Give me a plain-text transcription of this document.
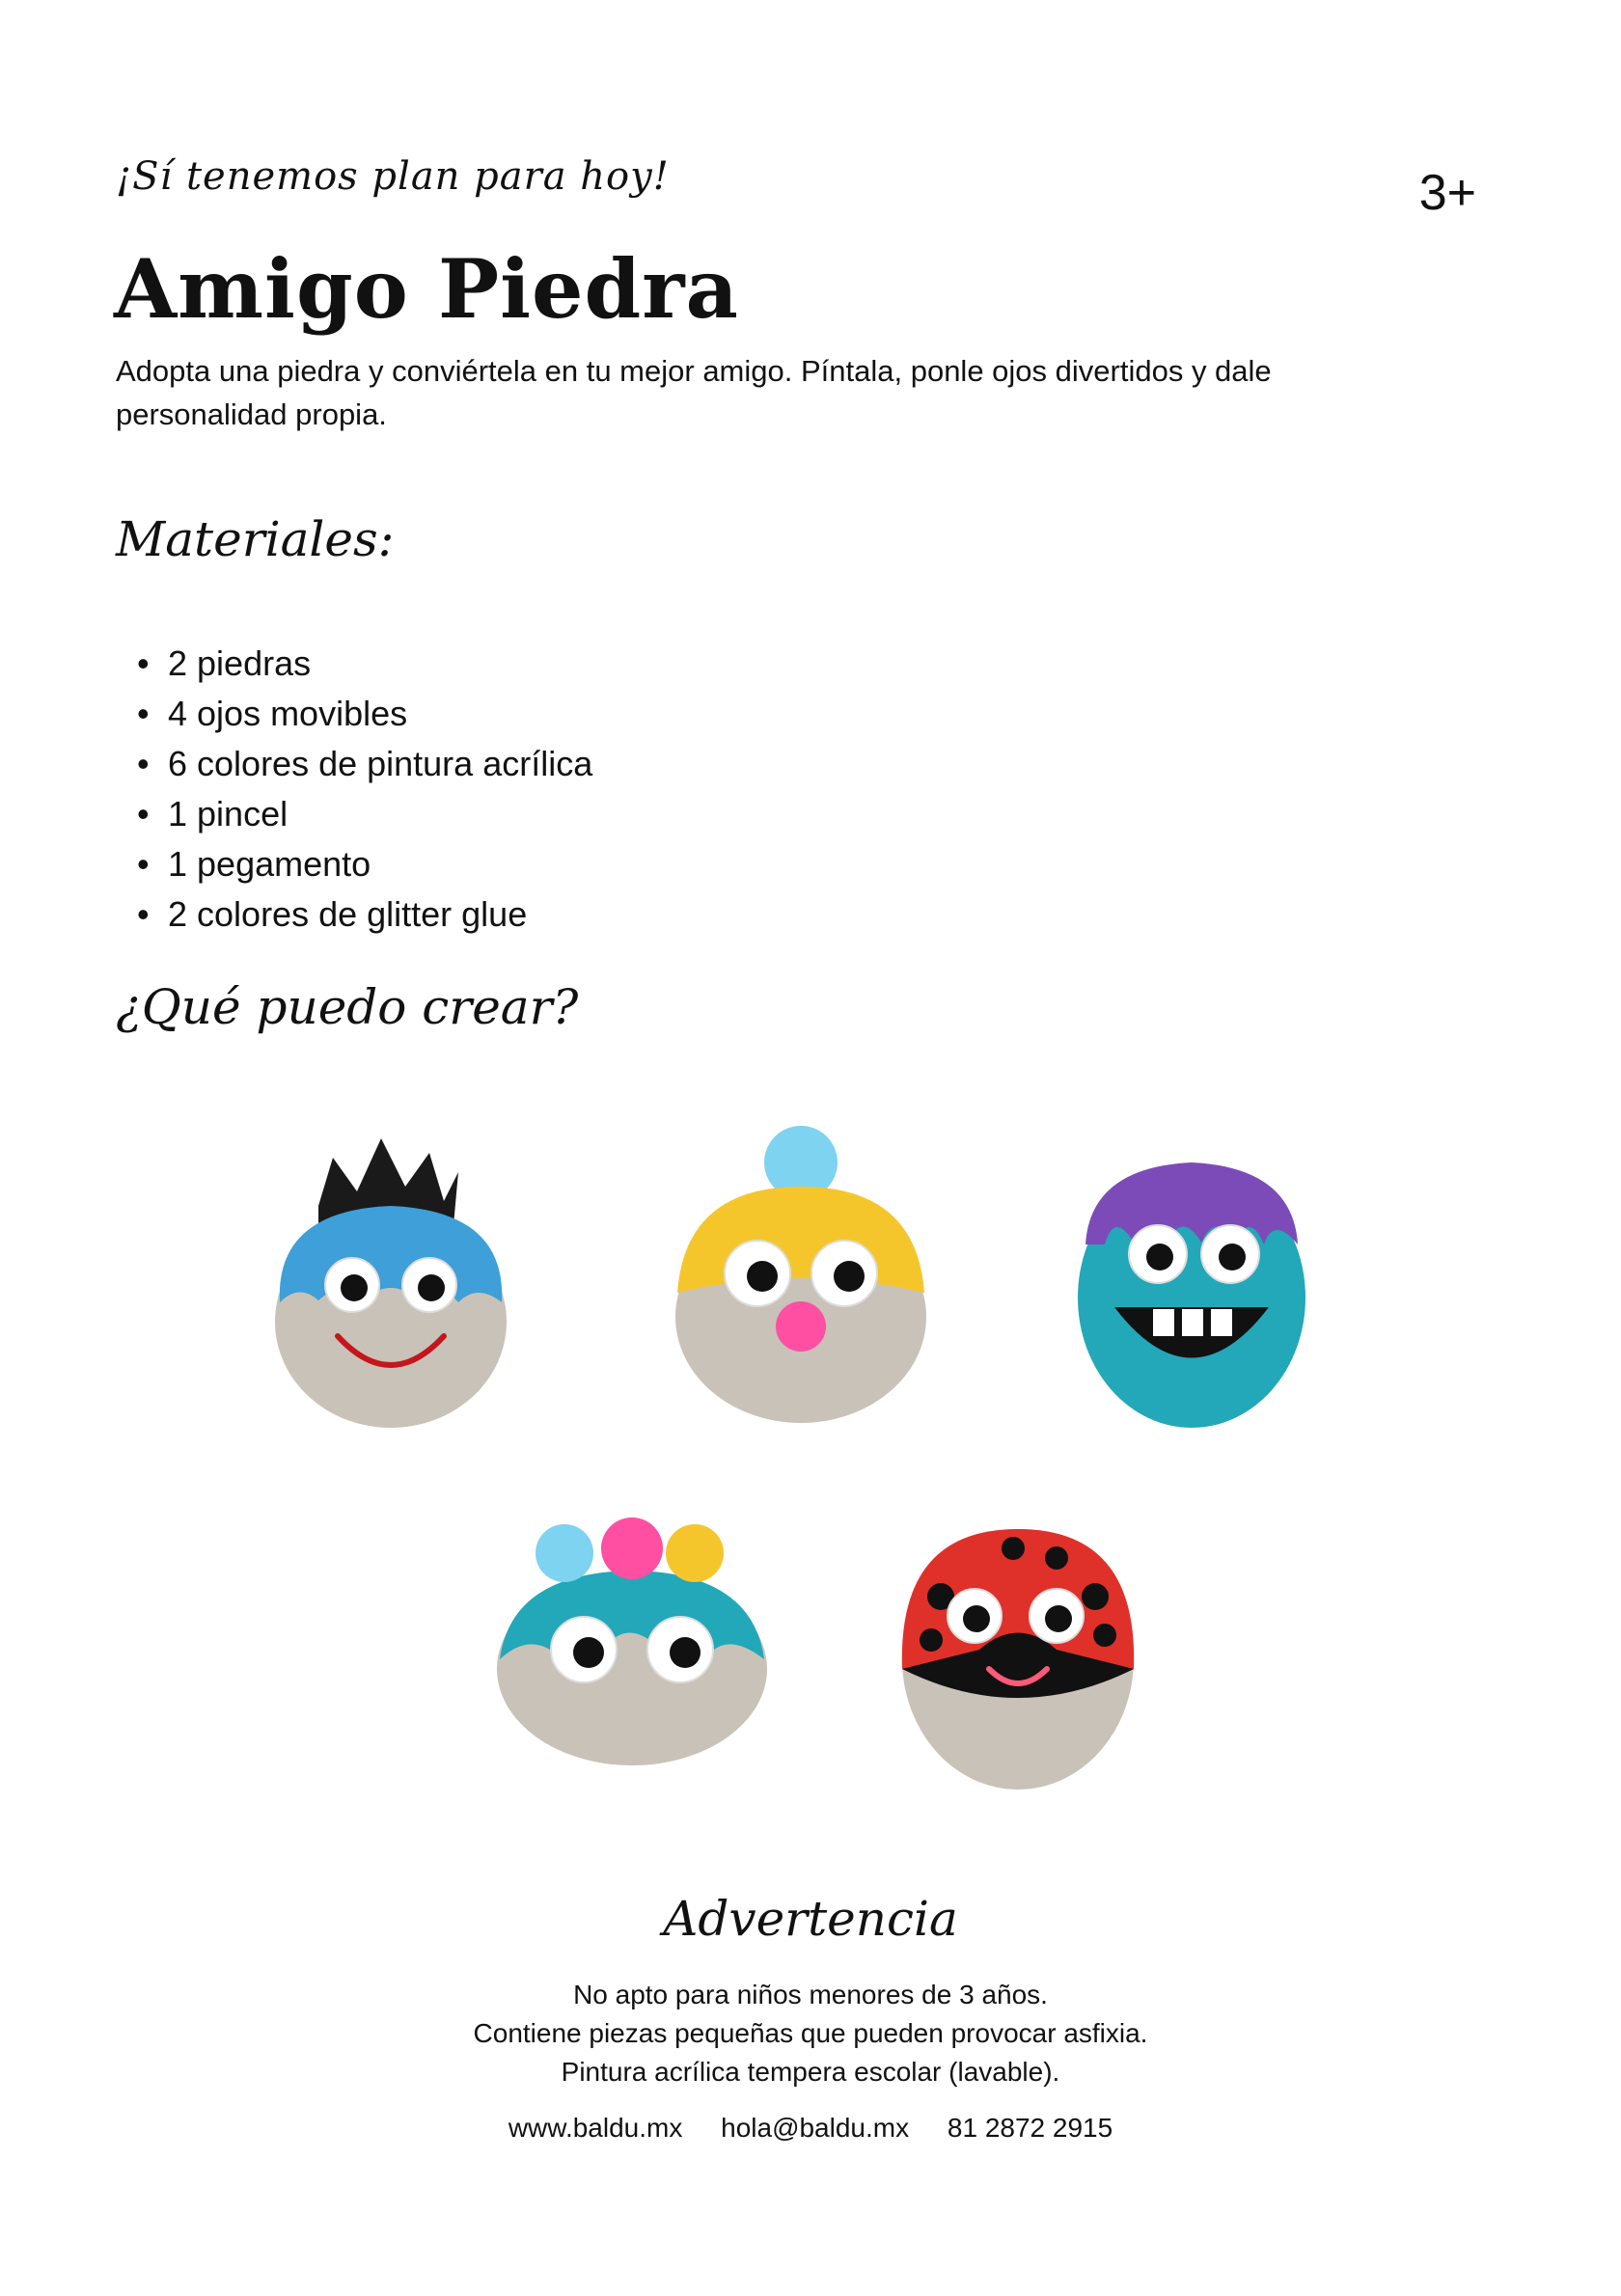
¡Sí tenemos plan para hoy!	3+
Amigo Piedra

Adopta una piedra y conviértela en tu mejor amigo. Píntala, ponle ojos divertidos y dale personalidad propia.

Materiales:
• 2 piedras
• 4 ojos movibles
• 6 colores de pintura acrílica
• 1 pincel
• 1 pegamento
• 2 colores de glitter glue
¿Qué puedo crear?
Advertencia
No apto para niños menores de 3 años.
Contiene piezas pequeñas que pueden provocar asfixia.
Pintura acrílica tempera escolar (lavable).
www.baldu.mx hola@baldu.mx 81 2872 2915
